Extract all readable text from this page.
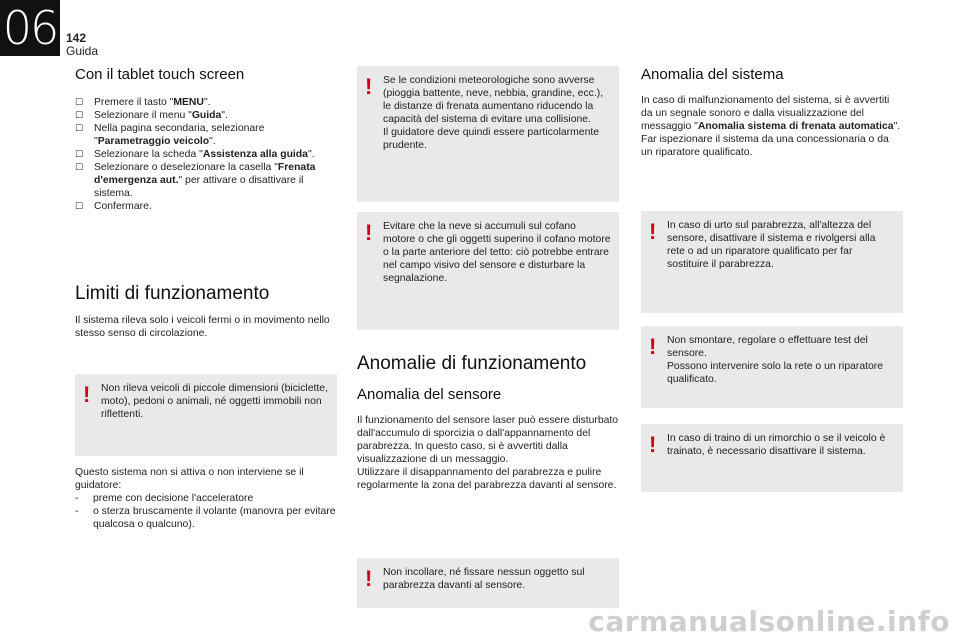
06 142
Guida
Con il tablet touch screen
☐	Premere il tasto "MENU".
☐	Selezionare il menu "Guida".
☐	Nella pagina secondaria, selezionare "Parametraggio veicolo".
☐	Selezionare la scheda "Assistenza alla guida".
☐	Selezionare o deselezionare la casella "Frenata d'emergenza aut." per attivare o disattivare il sistema.
☐	Confermare.
Limiti di funzionamento

Il sistema rileva solo i veicoli fermi o in movimento nello stesso senso di circolazione.

! Non rileva veicoli di piccole dimensioni (biciclette, moto), pedoni o animali, né oggetti immobili non riflettenti.

Questo sistema non si attiva o non interviene se il guidatore:

- preme con decisione l'acceleratore
- o sterza bruscamente il volante (manovra per evitare qualcosa o qualcuno).
! Se le condizioni meteorologiche sono avverse (pioggia battente, neve, nebbia, grandine, ecc.), le distanze di frenata aumentano riducendo la capacità del sistema di evitare una collisione.
Il guidatore deve quindi essere particolarmente prudente.

! Evitare che la neve si accumuli sul cofano motore o che gli oggetti superino il cofano motore o la parte anteriore del tetto: ciò potrebbe entrare nel campo visivo del sensore e disturbare la segnalazione.

Anomalie di funzionamento
Anomalia del sensore

Il funzionamento del sensore laser può essere disturbato dall'accumulo di sporcizia o dall'appannamento del parabrezza. In questo caso, si è avvertiti dalla visualizzazione di un messaggio.
Utilizzare il disappannamento del parabrezza e pulire regolarmente la zona del parabrezza davanti al sensore.

! Non incollare, né fissare nessun oggetto sul parabrezza davanti al sensore.

Anomalia del sistema

In caso di malfunzionamento del sistema, si è avvertiti da un segnale sonoro e dalla visualizzazione del messaggio "Anomalia sistema di frenata automatica".
Far ispezionare il sistema da una concessionaria o da un riparatore qualificato.

! In caso di urto sul parabrezza, all'altezza del sensore, disattivare il sistema e rivolgersi alla rete o ad un riparatore qualificato per far sostituire il parabrezza.

! Non smontare, regolare o effettuare test del sensore.
Possono intervenire solo la rete o un riparatore qualificato.

! In caso di traino di un rimorchio o se il veicolo è trainato, è necessario disattivare il sistema.

carmanualsonline.info
